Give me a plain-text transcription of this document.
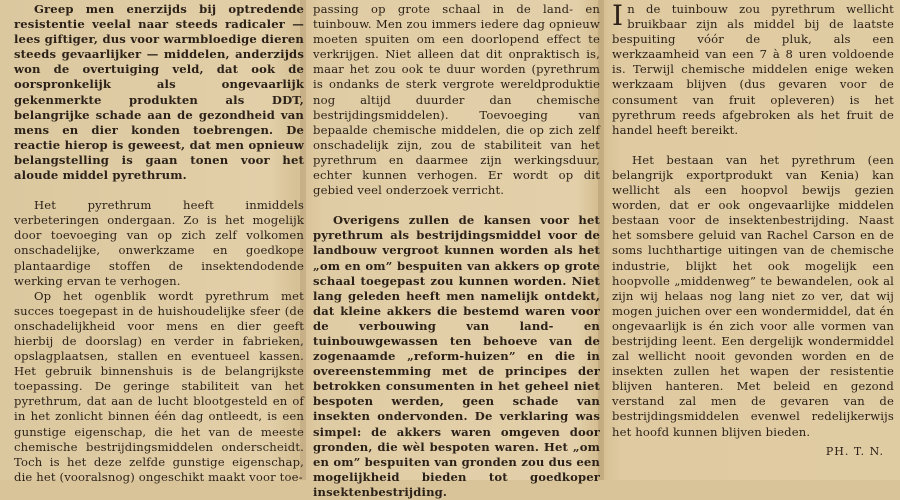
Greep men enerzijds bij optredende resistentie veelal naar steeds radicaler — lees giftiger, dus voor warmbloedige dieren steeds gevaarlijker — middelen, anderzijds won de overtuiging veld, dat ook de oorspronkelijk als ongevaarlijk gekenmerkte produkten als DDT, belangrijke schade aan de gezondheid van mens en dier konden toebrengen. De reactie hierop is geweest, dat men opnieuw belangstelling is gaan tonen voor het aloude middel pyrethrum.

Het pyrethrum heeft inmiddels verbeteringen ondergaan. Zo is het mogelijk door toevoeging van op zich zelf volkomen onschadelijke, onwerkzame en goedkope plantaardige stoffen de insektendodende werking ervan te verhogen.

Op het ogenblik wordt pyrethrum met succes toegepast in de huishoudelijke sfeer (de onschadelijkheid voor mens en dier geeft hierbij de doorslag) en verder in fabrieken, opslagplaatsen, stallen en eventueel kassen. Het gebruik binnenshuis is de belangrijkste toepassing. De geringe stabiliteit van het pyrethrum, dat aan de lucht blootgesteld en of in het zonlicht binnen één dag ontleedt, is een gunstige eigenschap, die het van de meeste chemische bestrijdingsmiddelen onderscheidt. Toch is het deze zelfde gunstige eigenschap, die het (vooralsnog) ongeschikt maakt voor toe-

passing op grote schaal in de land- en tuinbouw. Men zou immers iedere dag opnieuw moeten spuiten om een doorlopend effect te verkrijgen. Niet alleen dat dit onpraktisch is, maar het zou ook te duur worden (pyrethrum is ondanks de sterk vergrote wereldproduktie nog altijd duurder dan chemische bestrijdingsmiddelen). Toevoeging van bepaalde chemische middelen, die op zich zelf onschadelijk zijn, zou de stabiliteit van het pyrethrum en daarmee zijn werkingsduur, echter kunnen verhogen. Er wordt op dit gebied veel onderzoek verricht.

Overigens zullen de kansen voor het pyrethrum als bestrijdingsmiddel voor de landbouw vergroot kunnen worden als het „om en om” bespuiten van akkers op grote schaal toegepast zou kunnen worden. Niet lang geleden heeft men namelijk ontdekt, dat kleine akkers die bestemd waren voor de verbouwing van land- en tuinbouwgewassen ten behoeve van de zogenaamde „reform-huizen” en die in overeenstemming met de principes der betrokken consumenten in het geheel niet bespoten werden, geen schade van insekten ondervonden. De verklaring was simpel: de akkers waren omgeven door gronden, die wèl bespoten waren. Het „om en om” bespuiten van gronden zou dus een mogelijkheid bieden tot goedkoper insektenbestrijding.

In de tuinbouw zou pyrethrum wellicht bruikbaar zijn als middel bij de laatste bespuiting vóór de pluk, als een werkzaamheid van een 7 à 8 uren voldoende is. Terwijl chemische middelen enige weken werkzaam blijven (dus gevaren voor de consument van fruit opleveren) is het pyrethrum reeds afgebroken als het fruit de handel heeft bereikt.

Het bestaan van het pyrethrum (een belangrijk exportprodukt van Kenia) kan wellicht als een hoopvol bewijs gezien worden, dat er ook ongevaarlijke middelen bestaan voor de insektenbestrijding. Naast het somsbere geluid van Rachel Carson en de soms luchthartige uitingen van de chemische industrie, blijkt het ook mogelijk een hoopvolle „middenweg” te bewandelen, ook al zijn wij helaas nog lang niet zo ver, dat wij mogen juichen over een wondermiddel, dat én ongevaarlijk is én zich voor alle vormen van bestrijding leent. Een dergelijk wondermiddel zal wellicht nooit gevonden worden en de insekten zullen het wapen der resistentie blijven hanteren. Met beleid en gezond verstand zal men de gevaren van de bestrijdingsmiddelen evenwel redelijkerwijs het hoofd kunnen blijven bieden.

PH. T. N.
